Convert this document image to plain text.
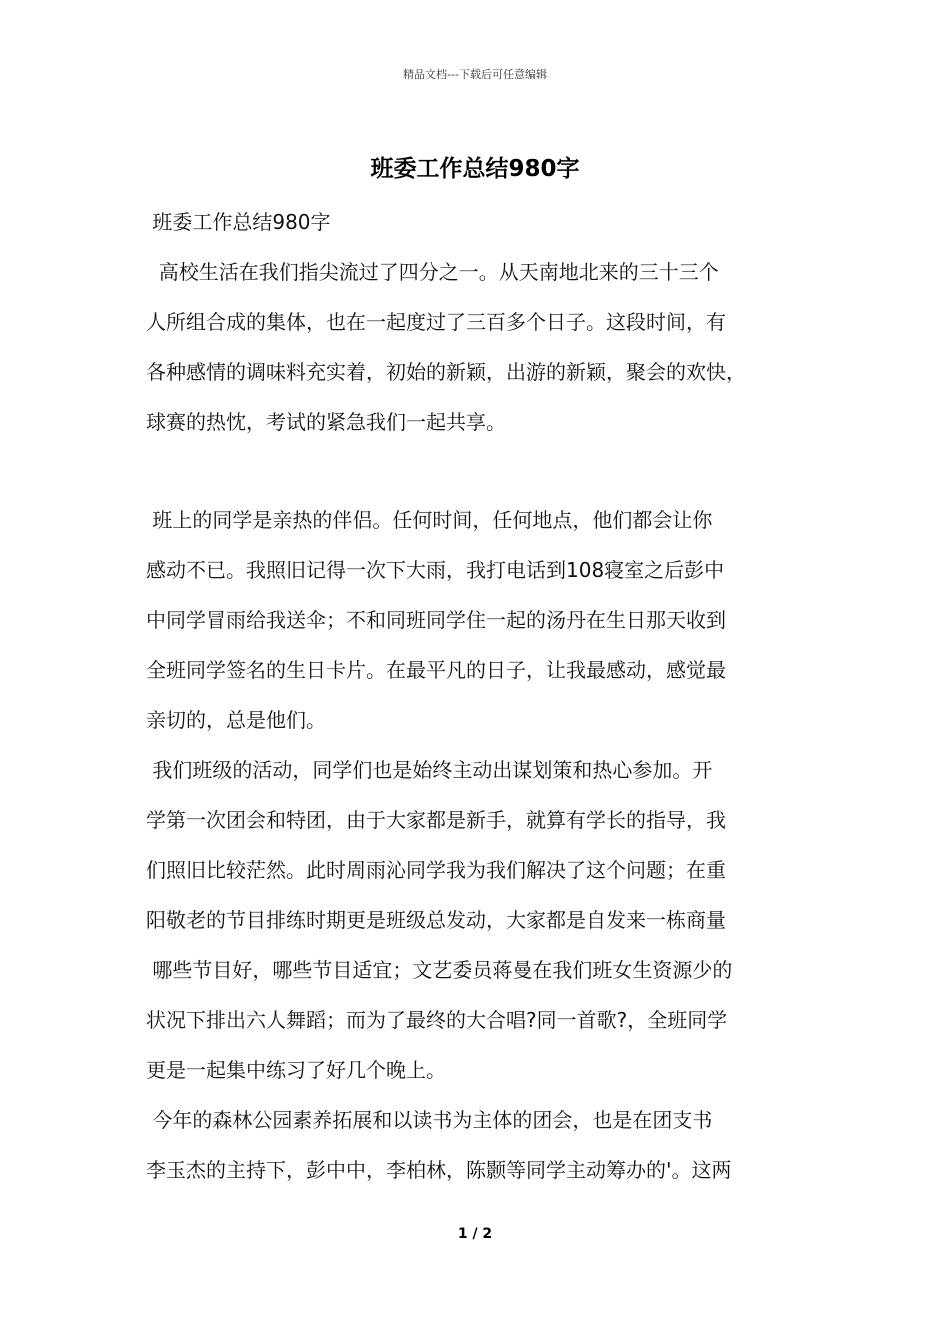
精品文档---下载后可任意编辑
班委工作总结980字
班委工作总结980字
高校生活在我们指尖流过了四分之一。从天南地北来的三十三个
人所组合成的集体，也在一起度过了三百多个日子。这段时间，有
各种感情的调味料充实着，初始的新颖，出游的新颖，聚会的欢快，
球赛的热忱，考试的紧急我们一起共享。
班上的同学是亲热的伴侣。任何时间，任何地点，他们都会让你
感动不已。我照旧记得一次下大雨，我打电话到108寝室之后彭中
中同学冒雨给我送伞；不和同班同学住一起的汤丹在生日那天收到
全班同学签名的生日卡片。在最平凡的日子，让我最感动，感觉最
亲切的，总是他们。
我们班级的活动，同学们也是始终主动出谋划策和热心参加。开
学第一次团会和特团，由于大家都是新手，就算有学长的指导，我
们照旧比较茫然。此时周雨沁同学我为我们解决了这个问题；在重
阳敬老的节目排练时期更是班级总发动，大家都是自发来一栋商量
哪些节目好，哪些节目适宜；文艺委员蒋曼在我们班女生资源少的
状况下排出六人舞蹈；而为了最终的大合唱?同一首歌?，全班同学
更是一起集中练习了好几个晚上。
今年的森林公园素养拓展和以读书为主体的团会，也是在团支书
李玉杰的主持下，彭中中，李柏林，陈颢等同学主动筹办的'。这两
1 / 2
